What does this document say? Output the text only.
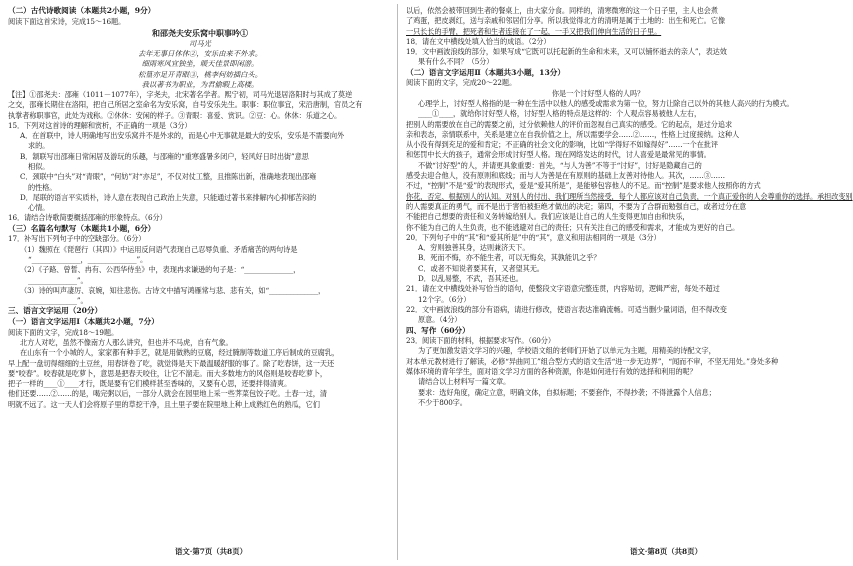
（二）古代诗歌阅读（本题共2小题，9分）
阅读下面这首宋诗，完成15～16题。
和邵尧夫安乐窝中职事吟①
司马光
去年无事日休休②，安乐由来不外求。
细雨寒风宜独坐，暖天佳景即闲游。
松篁亦足开青眼③，桃李何妨插白头。
我以著书为职业，为君偷暇上高楼。
【注】①邵尧夫：邵雍（1011－1077年），字尧夫，北宋著名学者。熙宁初，司马光退居洛阳时与其成了莫逆
之交，邵雍长期住在洛阳，把自己所居之室命名为安乐窝，自号安乐先生。职事：职位事宜，宋沿唐制，官员之有
执掌者称职事官，此处为戏称。②休休：安闲的样子。③青眼：喜爱、赏识。②豆：心。休休：乐道之心。
15．下列对这首诗的理解和赏析，不正确的一项是（3分）
A．在首联中，诗人明确地写出安乐窝并不是外求的，而是心中无事就是最大的安乐，安乐是不需要向外
求的。
B．颔联写出邵雍日常闲居及游玩的乐趣，与邵雍的“重寒盛暑多闭户，轻风好日时出街”意思
相似。
C．颈联中“白头”对“青眼”，“何妨”对“亦足”，不仅对仗工整，且推陈出新，准确地表现出邵雍
的性格。
D．尾联的语言平实质朴，诗人意在表现自己政治上失意，只能通过著书来排解内心抑郁苦闷的
心情。
16．请结合诗歌简要概括邵雍的形象特点。（6分）
（三）名篇名句默写（本题共1小题，6分）
17．补写出下列句子中的空缺部分。（6分）
（1）魏照在《琵琶行（其四）》中运用反问语气表现自己忍辱负重、矛盾痛苦的两句诗是
“______________，______________”。
（2）《子路、曾皙、冉有、公西华侍坐》中，表现冉求谦逊的句子是：“______________，
______________”。
（3）诗的叫声凄厉、哀婉，知往悲伤。古诗文中描写鸿雁常与悲、悲有关，如“______________，
______________”。
三、语言文字运用（20分）
（一）语言文字运用Ⅰ（本题共2小题，7分）
阅读下面的文字，完成18～19题。
北方人对吃，虽然不像南方人那么讲究，但也并不马虎，自有气象。
在山东有一个小城的人，家家都有种手艺，就是用做熟的豆腐，经过腌制等数道工序后制成的豆腐乳，
早上配一盘切得细细的土豆丝，用春饼卷了吃，就觉得是天下最温暖舒服的事了。除了吃春饼，这一天还
要“咬春”。咬春就是吃萝卜，意思是把春天咬住，让它不溜走。而大多数地方的风俗则是咬春吃萝卜，
把子一样的____①____才行，既是要有它们模样甚至香味的，又要有心思，还要拌得清爽。
他们还要……②……的是，喝完粥以后，一部分人就会在园里地上采一些荠菜包饺子吃。土春一过，清
明就不远了。这一天人们会将原子里的草挖干净，且土里子要在院里地上种上成熟红色的熟瓜，它们
以后，依然会被带回到生者的餐桌上，由大家分食。同样的，清寒微寒的这一个日子里，主人也会煮
了鸡蛋，把皮剥红，送与亲戚和邻居们分享。所以我觉得北方的清明是属于土地的：出生和死亡。它像
一只长长的手臂，把死者和生者连接在了一起，一手又把我们伸向生活的日子里。
18．请在文中横线处填入恰当的成语。（2分）
19．文中画波浪线的部分，如果写成“它既可以托起新的生命和未来，又可以铺怀逝去的亲人”，表达效
果有什么不同？（5分）
（二）语言文字运用Ⅱ（本题共3小题，13分）
阅读下面的文字，完成20～22题。
你是一个讨好型人格的人吗？
心理学上，讨好型人格指的是一种在生活中以他人的感受或需求为第一位，努力让除自己以外的其他人高兴的行为模式。
____①____，就给你讨好型人格，讨好型人格的特点是这样的：个人观点容易被他人左右，
把别人的需要放在自己的需要之前，过分依赖他人的评价而忽视自己真实的感受。它的起点，是过分追求
亲和表态，亲情联系中，关系是建立在自我价值之上，所以需要学会……②……，性格上过度接纳。这种人
从小没有得到充足的爱和肯定；不正确的社会文化的影响，比如“学得好不如嫁得好”……一个在批评
和惩罚中长大的孩子，通常会形成讨好型人格。现在网络发达的时代，讨人喜爱是最常见的事情。
不做“讨好型”的人，并请更具象重要：首先，“与人为善”不等于“讨好”，讨好是隐藏自己的
感受去迎合他人，没有原则和底线；而与人为善是在有原则的基础上友善对待他人。其次，……③……
不过，“控制”不是“爱”的表现形式，爱是“爱其所是”，是能够包容他人的不足。而“控制”是要求他人按照你的方式
你花，否定、根据别人的认知。对别人的付出、我们理所当然接受，每个人都应该对自己负责，一个真正爱你的人会尊重你的选择。承担改变别
的人需要真正的勇气，而不是出于害怕被拒绝才做出的决定；第四，不要为了合群而勉强自己，或者过分在意
不能把自己想要的责任和义务转嫁给别人。我们应该是让自己的人生变得更加自由和快乐，
你不能为自己的人生负责，也不能逃避对自己的责任；只有关注自己的感受和需求，才能成为更好的自己。
20．下列句子中的“其”和“爱其所是”中的“其”，意义和用法相同的一项是（3分）
A．穷则独善其身，达则兼济天下。
B．死而不悔，亦不能生者，可以无悔矣，其孰能讥之乎？
C．或者不知说者要其有，又者望其无。
D．以乱易整，不武，吾其还也。
21．请在文中横线处补写恰当的语句，使整段文字语意完整连贯，内容贴切，逻辑严密，每处不超过
12个字。（6分）
22．文中画波浪线的部分有语病，请进行修改，使语言表达准确流畅。可适当删少量词语，但不得改变
原意。（4分）
四、写作（60分）
23．阅读下面的材料，根据要求写作。（60分）
为了更加激发语文学习的兴趣，学校语文组的老师们开始了以单元为主题，用精美的诗配文字，
对本单元教材进行了解读，必修“异曲同工”组合型方式的语文生活“进一步无边界”，“闻而不审，不坚无用处。”身处多种
媒体环境的青年学生，面对语文学习方面的各种资源，你是如何进行有效的选择和利用的呢？
请结合以上材料写一篇文章。
要求：选好角度，确定立意，明确文体，自拟标题；不要套作，不得抄袭；不得泄露个人信息；
不少于800字。
语文·第7页（共8页）	语文·第8页（共8页）
